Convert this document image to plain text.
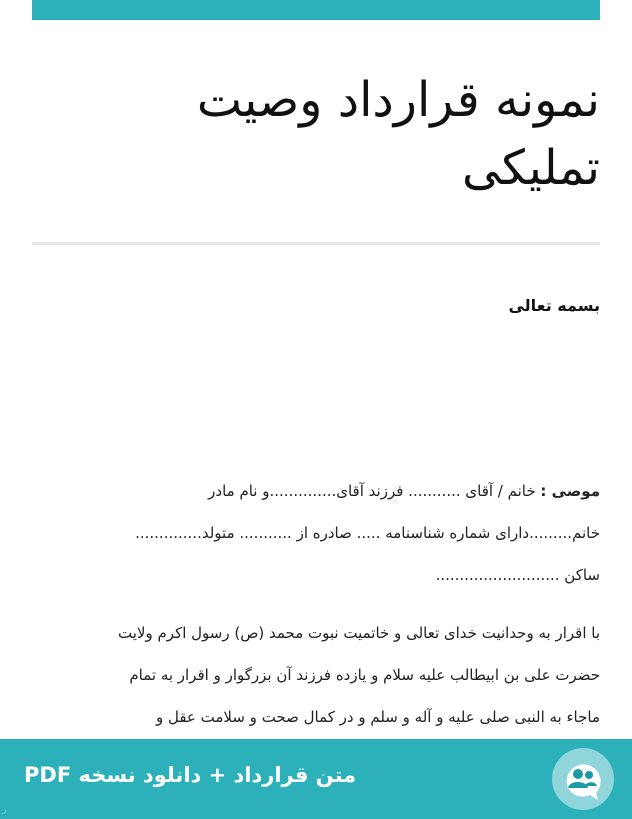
نمونه قرارداد وصیت
تملیکی
بسمه تعالی
موصی : خانم / آقای ........... فرزند آقای..............و نام مادر
خانم.........دارای شماره شناسنامه ..... صادره از ........... متولد..............
ساکن ..........................
با اقرار به وحدانیت خدای تعالی و خاتمیت نبوت محمد (ص) رسول اکرم ولایت
حضرت علی بن ابیطالب علیه سلام و یازده فرزند آن بزرگوار و اقرار به تمام
ماجاء به النبی صلی علیه و آله و سلم و در کمال صحت و سلامت عقل و
متن قرارداد + دانلود نسخه PDF
ر
